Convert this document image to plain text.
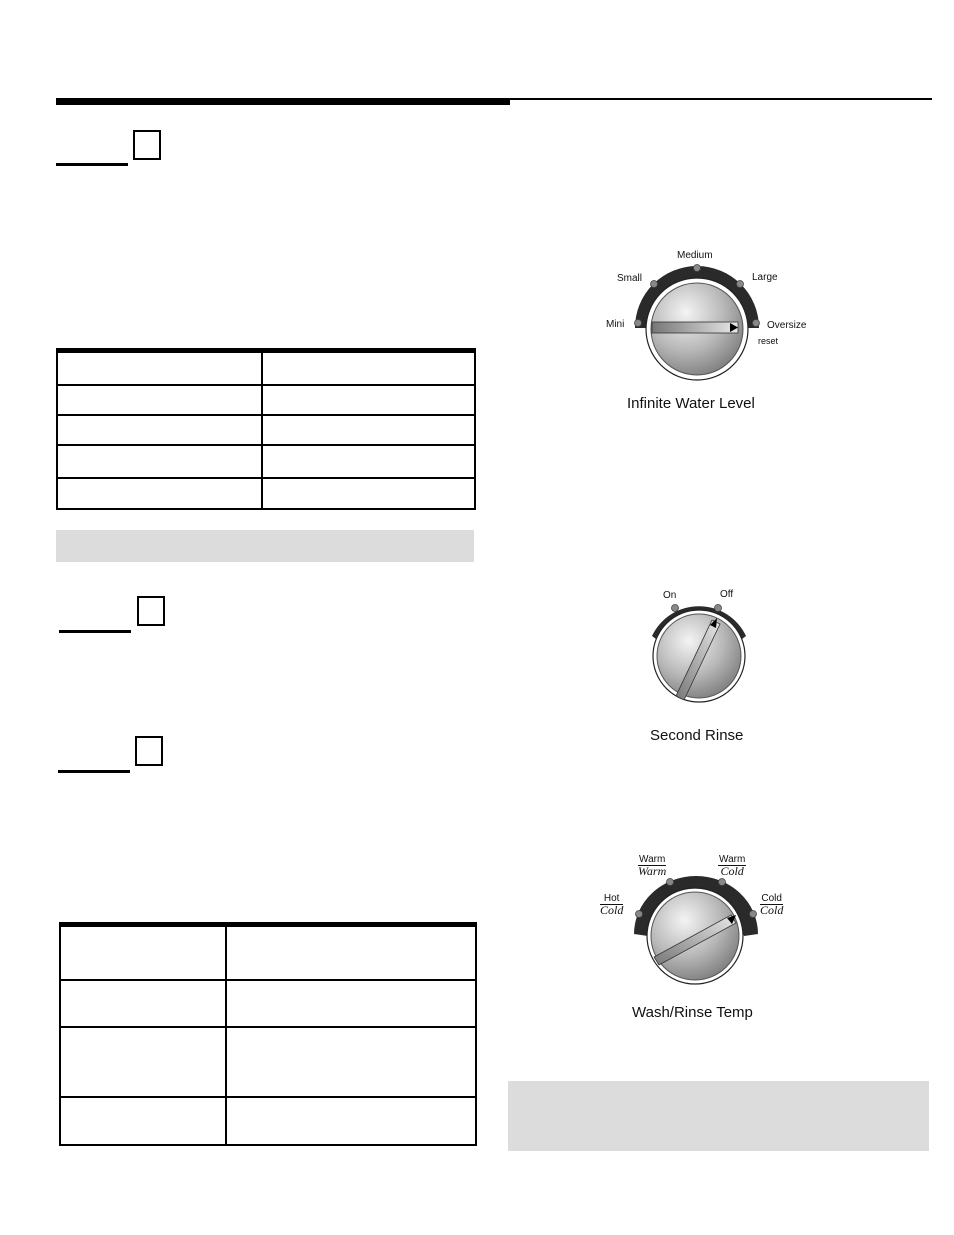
Mini
Small
Medium
Large
Oversize
reset
Infinite Water Level
On	Off
Second Rinse
Hot
Cold
Warm
Warm
Warm
Cold
Cold
Cold
Wash/Rinse Temp
